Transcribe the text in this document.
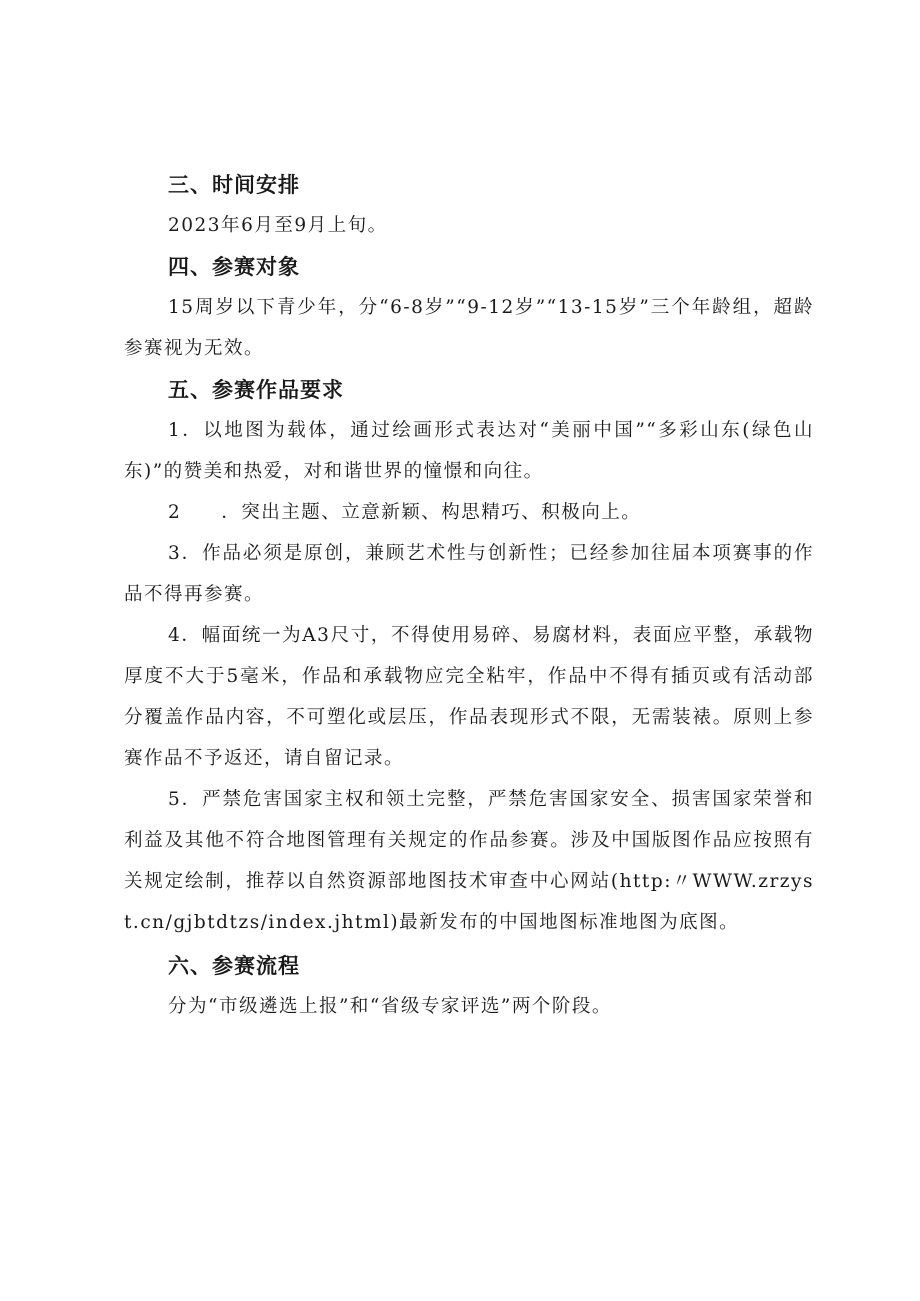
三、时间安排

2023年6月至9月上旬。

四、参赛对象

15周岁以下青少年，分“6-8岁”“9-12岁”“13-15岁”三个年龄组，超龄参赛视为无效。

五、参赛作品要求

1．以地图为载体，通过绘画形式表达对“美丽中国”“多彩山东(绿色山东)”的赞美和热爱，对和谐世界的憧憬和向往。

2　　．突出主题、立意新颖、构思精巧、积极向上。

3．作品必须是原创，兼顾艺术性与创新性；已经参加往届本项赛事的作品不得再参赛。

4．幅面统一为A3尺寸，不得使用易碎、易腐材料，表面应平整，承载物厚度不大于5毫米，作品和承载物应完全粘牢，作品中不得有插页或有活动部分覆盖作品内容，不可塑化或层压，作品表现形式不限，无需装裱。原则上参赛作品不予返还，请自留记录。

5．严禁危害国家主权和领土完整，严禁危害国家安全、损害国家荣誉和利益及其他不符合地图管理有关规定的作品参赛。涉及中国版图作品应按照有关规定绘制，推荐以自然资源部地图技术审查中心网站(http:〃WWW.zrzyst.cn/gjbtdtzs/index.jhtml)最新发布的中国地图标准地图为底图。

六、参赛流程

分为“市级遴选上报”和“省级专家评选”两个阶段。
